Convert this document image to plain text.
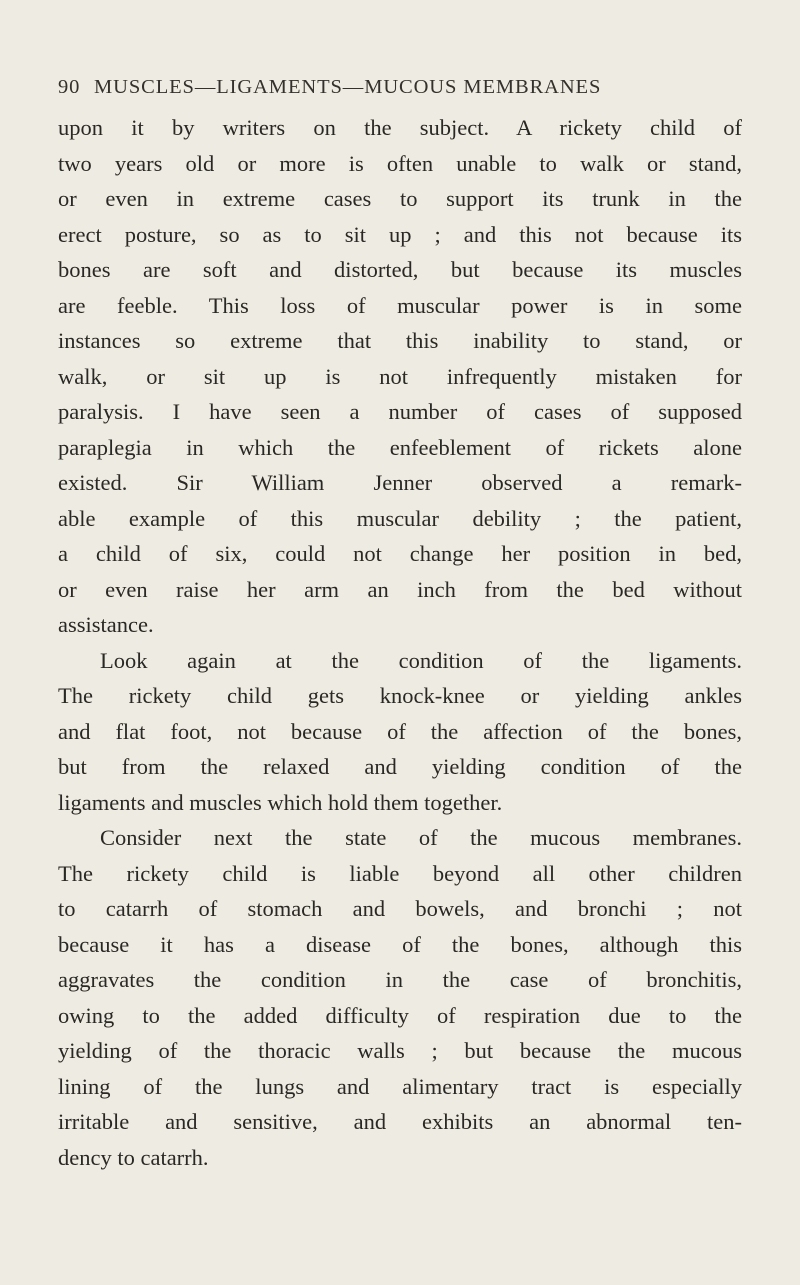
90 MUSCLES—LIGAMENTS—MUCOUS MEMBRANES
upon it by writers on the subject. A rickety child of
two years old or more is often unable to walk or stand,
or even in extreme cases to support its trunk in the
erect posture, so as to sit up ; and this not because its
bones are soft and distorted, but because its muscles
are feeble. This loss of muscular power is in some
instances so extreme that this inability to stand, or
walk, or sit up is not infrequently mistaken for
paralysis. I have seen a number of cases of supposed
paraplegia in which the enfeeblement of rickets alone
existed. Sir William Jenner observed a remark-
able example of this muscular debility ; the patient,
a child of six, could not change her position in bed,
or even raise her arm an inch from the bed without
assistance.
Look again at the condition of the ligaments.
The rickety child gets knock-knee or yielding ankles
and flat foot, not because of the affection of the bones,
but from the relaxed and yielding condition of the
ligaments and muscles which hold them together.
Consider next the state of the mucous membranes.
The rickety child is liable beyond all other children
to catarrh of stomach and bowels, and bronchi ; not
because it has a disease of the bones, although this
aggravates the condition in the case of bronchitis,
owing to the added difficulty of respiration due to the
yielding of the thoracic walls ; but because the mucous
lining of the lungs and alimentary tract is especially
irritable and sensitive, and exhibits an abnormal ten-
dency to catarrh.
